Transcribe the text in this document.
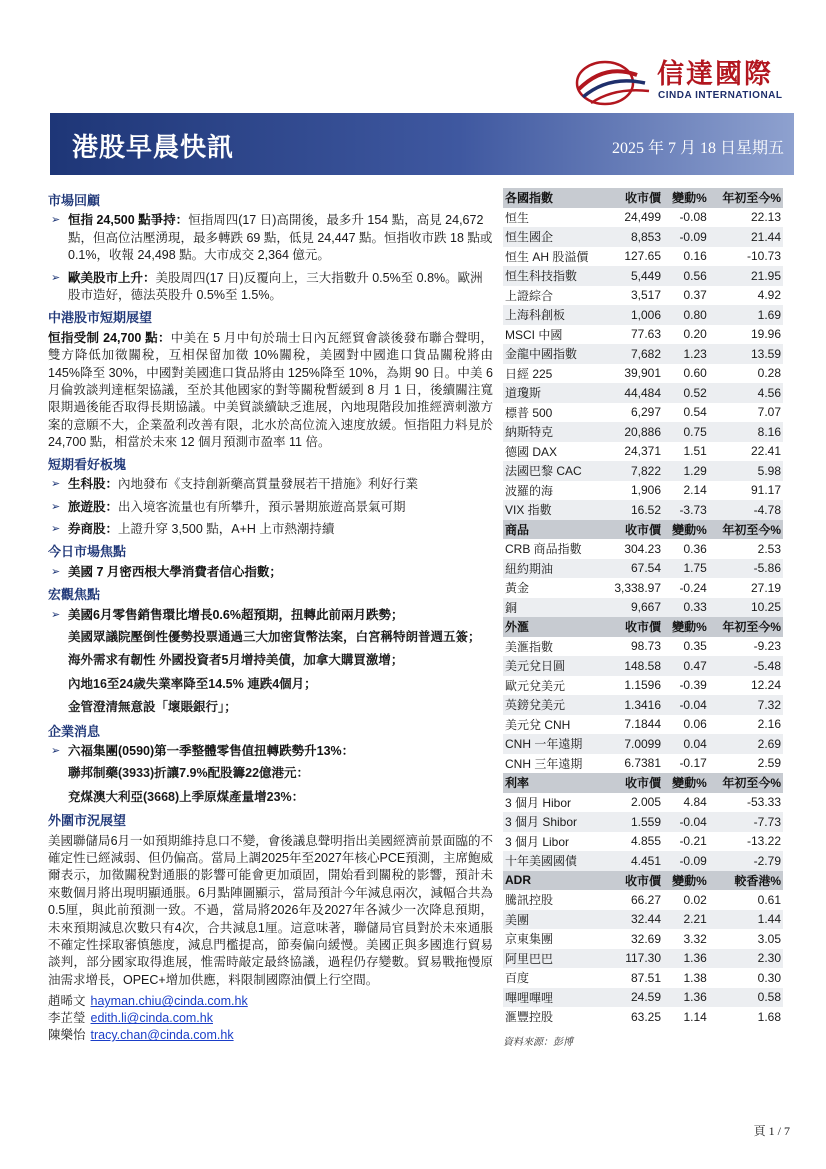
信達國際
CINDA INTERNATIONAL
港股早晨快訊	2025 年 7 月 18 日星期五
市場回顧
➢ 恒指 24,500 點爭持：恒指周四(17 日)高開後，最多升 154 點，高見 24,672 點，但高位沽壓湧現，最多轉跌 69 點，低見 24,447 點。恒指收市跌 18 點或 0.1%，收報 24,498 點。大市成交 2,364 億元。
➢ 歐美股市上升：美股周四(17 日)反覆向上，三大指數升 0.5%至 0.8%。歐洲股市造好，德法英股升 0.5%至 1.5%。
中港股市短期展望
恒指受制 24,700 點：中美在 5 月中旬於瑞士日內瓦經貿會談後發布聯合聲明，雙方降低加徵關稅，互相保留加徵 10%關稅，美國對中國進口貨品關稅將由 145%降至 30%，中國對美國進口貨品將由 125%降至 10%，為期 90 日。中美 6 月倫敦談判達框架協議，至於其他國家的對等關稅暫緩到 8 月 1 日，後續關注寬限期過後能否取得長期協議。中美貿談續缺乏進展，內地現階段加推經濟刺激方案的意願不大，企業盈利改善有限，北水於高位流入速度放緩。恒指阻力料見於 24,700 點，相當於未來 12 個月預測市盈率 11 倍。
短期看好板塊
➢ 生科股：內地發布《支持創新藥高質量發展若干措施》利好行業
➢ 旅遊股：出入境客流量也有所攀升，預示暑期旅遊高景氣可期
➢ 券商股：上證升穿 3,500 點，A+H 上市熱潮持續
今日市場焦點
➢ 美國 7 月密西根大學消費者信心指數；
宏觀焦點
➢ 美國6月零售銷售環比增長0.6%超預期，扭轉此前兩月跌勢；
美國眾議院壓倒性優勢投票通過三大加密貨幣法案，白宮稱特朗普週五簽；
海外需求有韌性 外國投資者5月增持美債，加拿大購買激增；
內地16至24歲失業率降至14.5% 連跌4個月；
金管澄清無意設「壞賬銀行」；
企業消息
➢ 六福集團(0590)第一季整體零售值扭轉跌勢升13%：
聯邦制藥(3933)折讓7.9%配股籌22億港元：
兗煤澳大利亞(3668)上季原煤產量增23%：
外圍市況展望
美國聯儲局6月一如預期維持息口不變，會後議息聲明指出美國經濟前景面臨的不確定性已經減弱、但仍偏高。當局上調2025年至2027年核心PCE預測，主席鮑威爾表示，加徵關稅對通脹的影響可能會更加頑固，開始看到關稅的影響，預計未來數個月將出現明顯通脹。6月點陣圖顯示，當局預計今年減息兩次，減幅合共為0.5厘，與此前預測一致。不過，當局將2026年及2027年各減少一次降息預期，未來預期減息次數只有4次，合共減息1厘。這意味著，聯儲局官員對於未來通脹不確定性採取審慎態度，減息門檻提高，節奏偏向緩慢。美國正與多國進行貿易談判，部分國家取得進展，惟需時敲定最終協議，過程仍存變數。貿易戰拖慢原油需求增長，OPEC+增加供應，料限制國際油價上行空間。
趙晞文 hayman.chiu@cinda.com.hk
李芷瑩 edith.li@cinda.com.hk
陳樂怡 tracy.chan@cinda.com.hk
各國指數	收市價	變動%	年初至今%
恒生	24,499	-0.08	22.13
恒生國企	8,853	-0.09	21.44
恒生 AH 股溢價	127.65	0.16	-10.73
恒生科技指數	5,449	0.56	21.95
上證綜合	3,517	0.37	4.92
上海科創板	1,006	0.80	1.69
MSCI 中國	77.63	0.20	19.96
金龍中國指數	7,682	1.23	13.59
日經 225	39,901	0.60	0.28
道瓊斯	44,484	0.52	4.56
標普 500	6,297	0.54	7.07
納斯特克	20,886	0.75	8.16
德國 DAX	24,371	1.51	22.41
法國巴黎 CAC	7,822	1.29	5.98
波羅的海	1,906	2.14	91.17
VIX 指數	16.52	-3.73	-4.78
商品	收市價	變動%	年初至今%
CRB 商品指數	304.23	0.36	2.53
紐約期油	67.54	1.75	-5.86
黃金	3,338.97	-0.24	27.19
銅	9,667	0.33	10.25
外滙	收市價	變動%	年初至今%
美滙指數	98.73	0.35	-9.23
美元兌日圓	148.58	0.47	-5.48
歐元兌美元	1.1596	-0.39	12.24
英鎊兌美元	1.3416	-0.04	7.32
美元兌 CNH	7.1844	0.06	2.16
CNH 一年遠期	7.0099	0.04	2.69
CNH 三年遠期	6.7381	-0.17	2.59
利率	收市價	變動%	年初至今%
3 個月 Hibor	2.005	4.84	-53.33
3 個月 Shibor	1.559	-0.04	-7.73
3 個月 Libor	4.855	-0.21	-13.22
十年美國國債	4.451	-0.09	-2.79
ADR	收市價	變動%	較香港%
騰訊控股	66.27	0.02	0.61
美團	32.44	2.21	1.44
京東集團	32.69	3.32	3.05
阿里巴巴	117.30	1.36	2.30
百度	87.51	1.38	0.30
嗶哩嗶哩	24.59	1.36	0.58
滙豐控股	63.25	1.14	1.68
資料來源：彭博
頁 1 / 7
